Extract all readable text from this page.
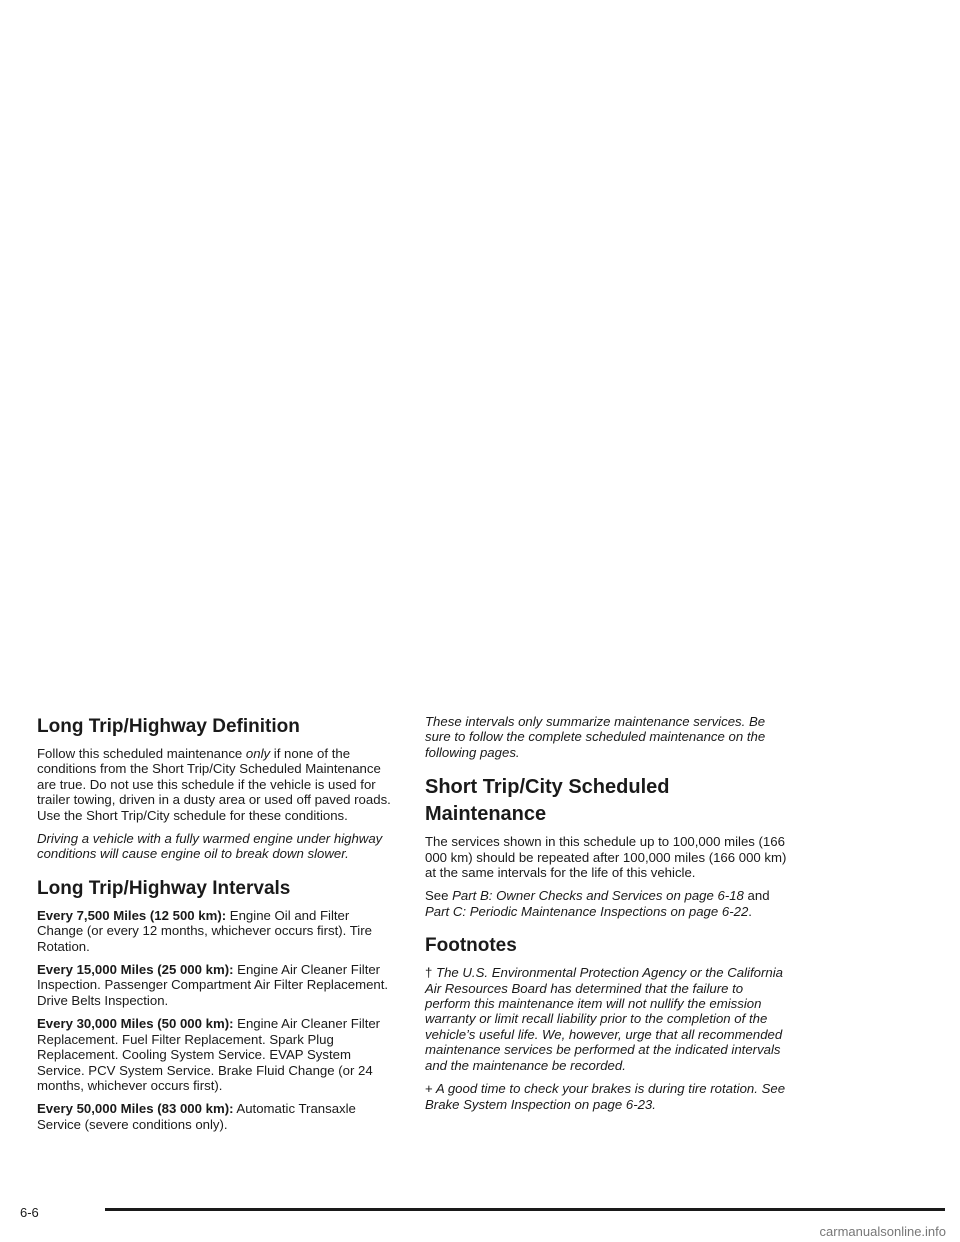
Long Trip/Highway Definition

Follow this scheduled maintenance only if none of the conditions from the Short Trip/City Scheduled Maintenance are true. Do not use this schedule if the vehicle is used for trailer towing, driven in a dusty area or used off paved roads. Use the Short Trip/City schedule for these conditions.

Driving a vehicle with a fully warmed engine under highway conditions will cause engine oil to break down slower.

Long Trip/Highway Intervals

Every 7,500 Miles (12 500 km): Engine Oil and Filter Change (or every 12 months, whichever occurs first). Tire Rotation.

Every 15,000 Miles (25 000 km): Engine Air Cleaner Filter Inspection. Passenger Compartment Air Filter Replacement. Drive Belts Inspection.

Every 30,000 Miles (50 000 km): Engine Air Cleaner Filter Replacement. Fuel Filter Replacement. Spark Plug Replacement. Cooling System Service. EVAP System Service. PCV System Service. Brake Fluid Change (or 24 months, whichever occurs first).

Every 50,000 Miles (83 000 km): Automatic Transaxle Service (severe conditions only).

These intervals only summarize maintenance services. Be sure to follow the complete scheduled maintenance on the following pages.

Short Trip/City Scheduled
Maintenance

The services shown in this schedule up to 100,000 miles (166 000 km) should be repeated after 100,000 miles (166 000 km) at the same intervals for the life of this vehicle.

See Part B: Owner Checks and Services on page 6-18 and Part C: Periodic Maintenance Inspections on page 6-22.

Footnotes

† The U.S. Environmental Protection Agency or the California Air Resources Board has determined that the failure to perform this maintenance item will not nullify the emission warranty or limit recall liability prior to the completion of the vehicle’s useful life. We, however, urge that all recommended maintenance services be performed at the indicated intervals and the maintenance be recorded.

+ A good time to check your brakes is during tire rotation. See Brake System Inspection on page 6-23.

6-6
carmanualsonline.info
